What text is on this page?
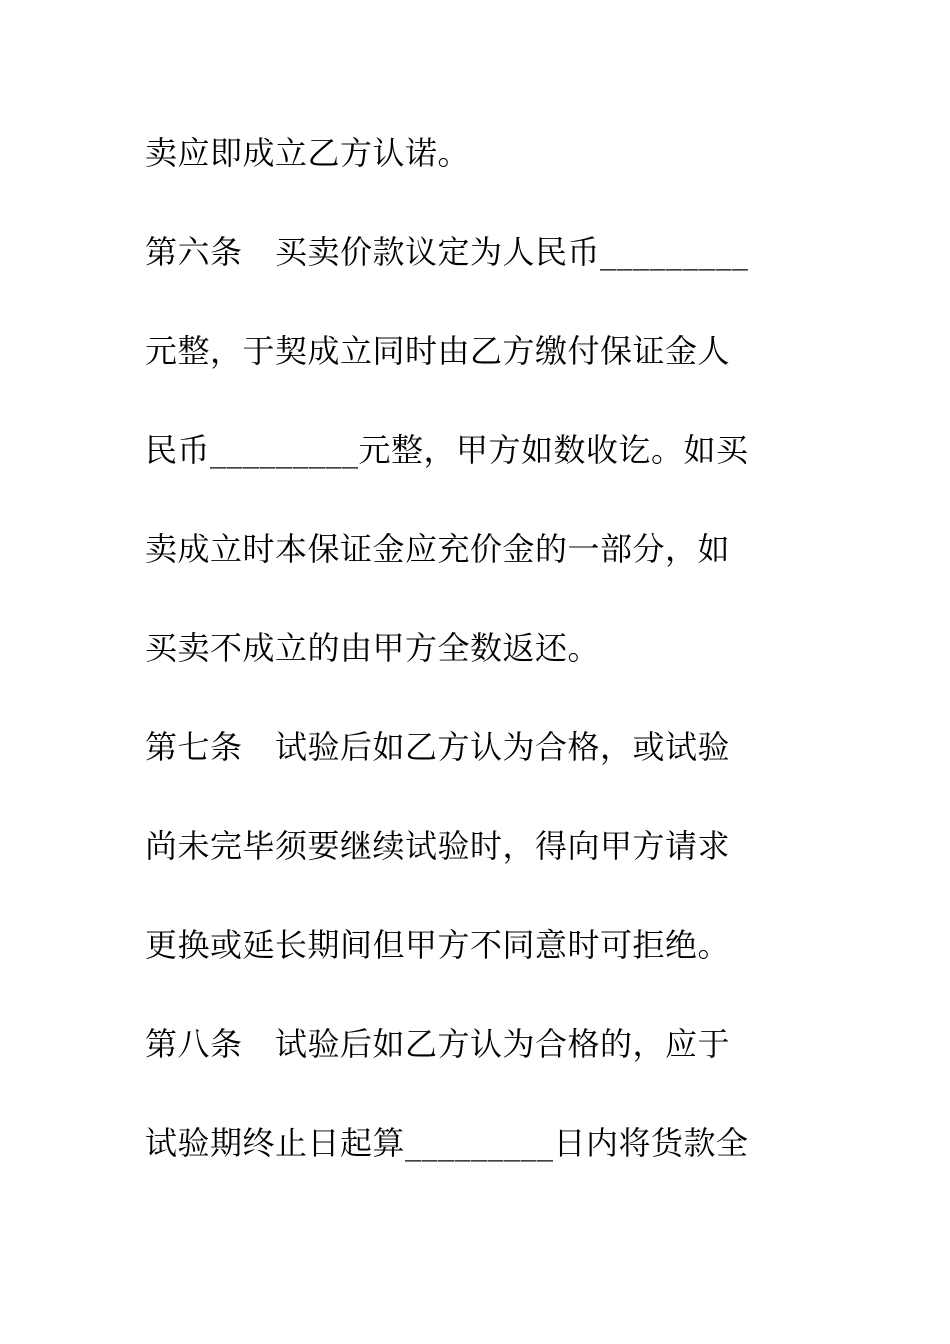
卖应即成立乙方认诺。
第六条　买卖价款议定为人民币_________
元整，于契成立同时由乙方缴付保证金人
民币_________元整，甲方如数收讫。如买
卖成立时本保证金应充价金的一部分，如
买卖不成立的由甲方全数返还。
第七条　试验后如乙方认为合格，或试验
尚未完毕须要继续试验时，得向甲方请求
更换或延长期间但甲方不同意时可拒绝。
第八条　试验后如乙方认为合格的，应于
试验期终止日起算_________日内将货款全
